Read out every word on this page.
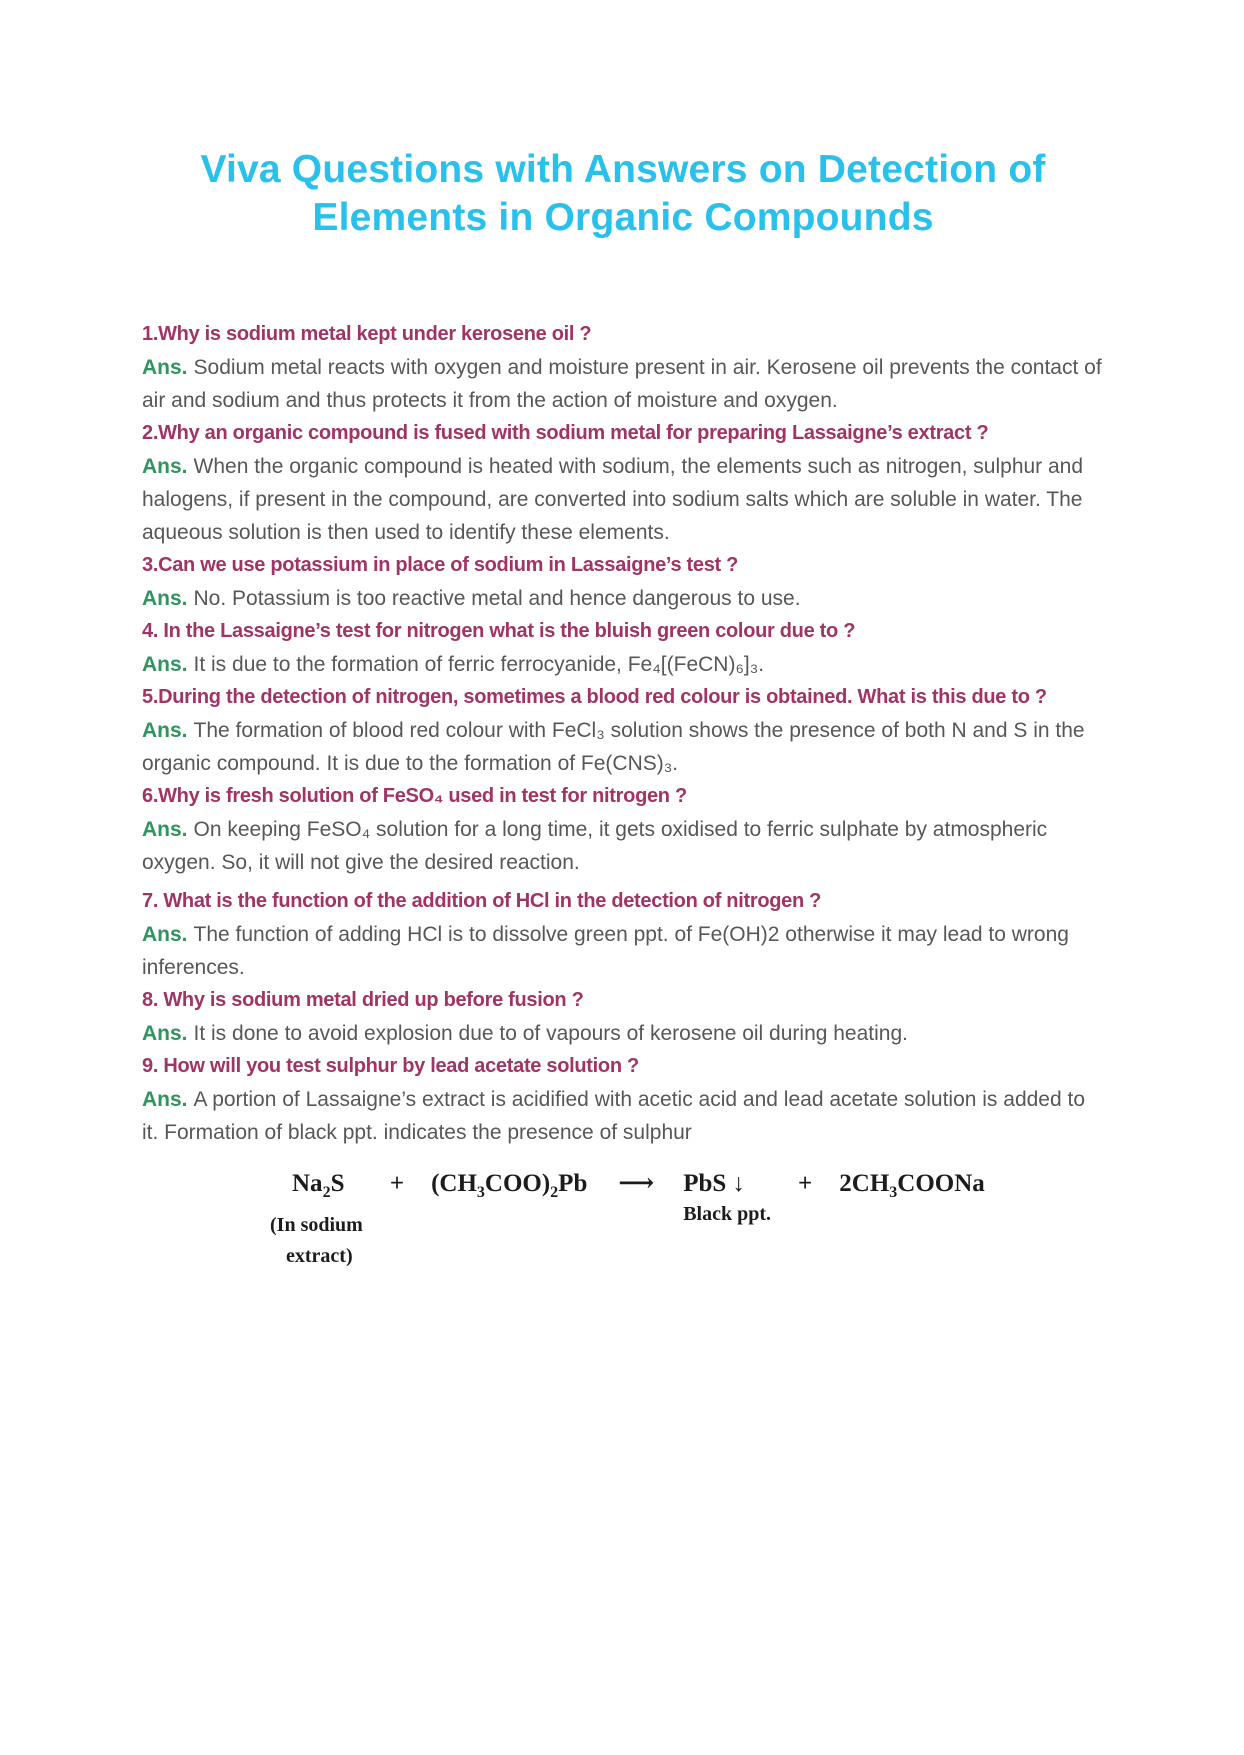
Viva Questions with Answers on Detection of
Elements in Organic Compounds

1.Why is sodium metal kept under kerosene oil ?

Ans. Sodium metal reacts with oxygen and moisture present in air. Kerosene oil prevents the contact of air and sodium and thus protects it from the action of moisture and oxygen.

2.Why an organic compound is fused with sodium metal for preparing Lassaigne’s extract ?

Ans. When the organic compound is heated with sodium, the elements such as nitrogen, sulphur and halogens, if present in the compound, are converted into sodium salts which are soluble in water. The aqueous solution is then used to identify these elements.

3.Can we use potassium in place of sodium in Lassaigne’s test ?

Ans. No. Potassium is too reactive metal and hence dangerous to use.

4. In the Lassaigne’s test for nitrogen what is the bluish green colour due to ?

Ans. It is due to the formation of ferric ferrocyanide, Fe₄[(FeCN)₆]₃.

5.During the detection of nitrogen, sometimes a blood red colour is obtained. What is this due to ?

Ans. The formation of blood red colour with FeCl₃ solution shows the presence of both N and S in the organic compound. It is due to the formation of Fe(CNS)₃.

6.Why is fresh solution of FeSO₄ used in test for nitrogen ?

Ans. On keeping FeSO₄ solution for a long time, it gets oxidised to ferric sulphate by atmospheric oxygen. So, it will not give the desired reaction.

7. What is the function of the addition of HCl in the detection of nitrogen ?

Ans. The function of adding HCl is to dissolve green ppt. of Fe(OH)2 otherwise it may lead to wrong inferences.

8. Why is sodium metal dried up before fusion ?

Ans. It is done to avoid explosion due to of vapours of kerosene oil during heating.

9. How will you test sulphur by lead acetate solution ?

Ans. A portion of Lassaigne’s extract is acidified with acetic acid and lead acetate solution is added to it. Formation of black ppt. indicates the presence of sulphur

$Na_2S$
(In sodium
extract)
+ $(CH_3COO)_2Pb$ ⟶ PbS ↓
Black ppt.
+ $2CH_3COONa$
